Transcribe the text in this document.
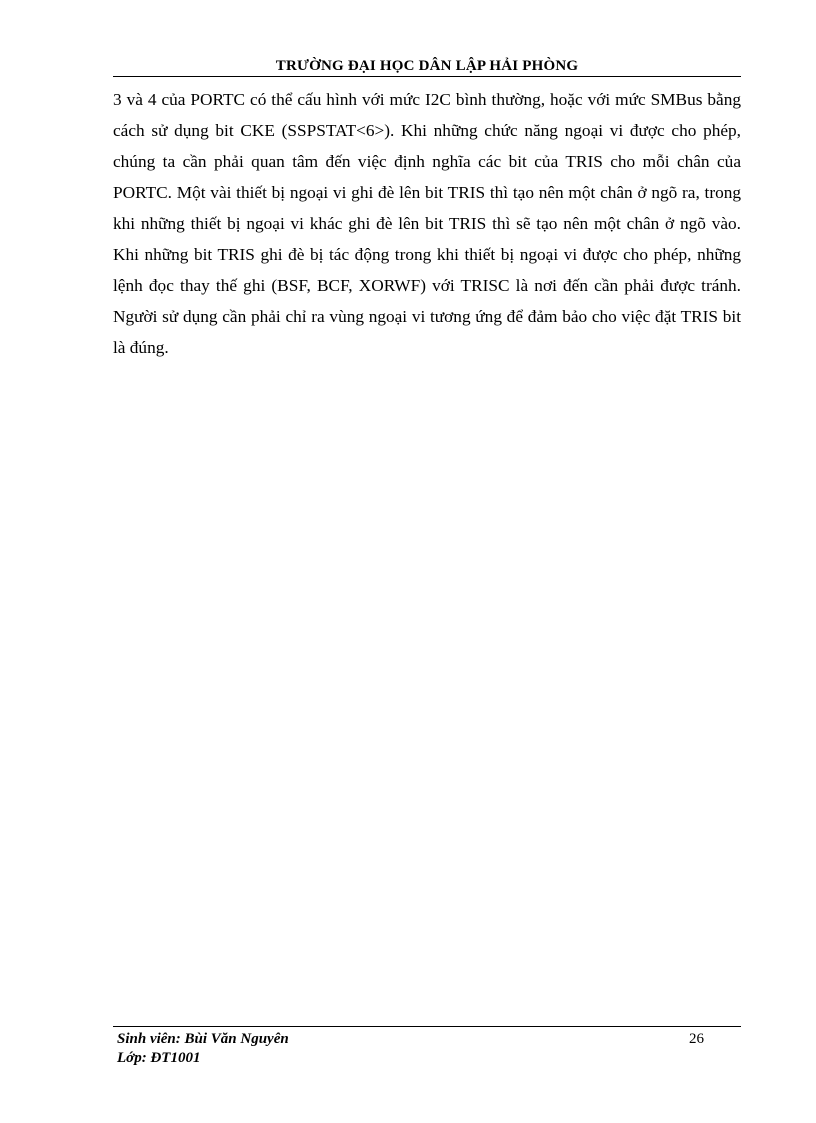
TRƯỜNG ĐẠI HỌC DÂN LẬP HẢI PHÒNG

3 và 4 của PORTC có thể cấu hình với mức I2C bình thường, hoặc với mức SMBus bằng cách sử dụng bit CKE (SSPSTAT<6>). Khi những chức năng ngoại vi được cho phép, chúng ta cần phải quan tâm đến việc định nghĩa các bit của TRIS cho mỗi chân của PORTC. Một vài thiết bị ngoại vi ghi đè lên bit TRIS thì tạo nên một chân ở ngõ ra, trong khi những thiết bị ngoại vi khác ghi đè lên bit TRIS thì sẽ tạo nên một chân ở ngõ vào. Khi những bit TRIS ghi đè bị tác động trong khi thiết bị ngoại vi được cho phép, những lệnh đọc thay thế ghi (BSF, BCF, XORWF) với TRISC là nơi đến cần phải được tránh. Người sử dụng cần phải chỉ ra vùng ngoại vi tương ứng để đảm bảo cho việc đặt TRIS bit là đúng.

Sinh viên: Bùi Văn Nguyên
Lớp: ĐT1001
26
